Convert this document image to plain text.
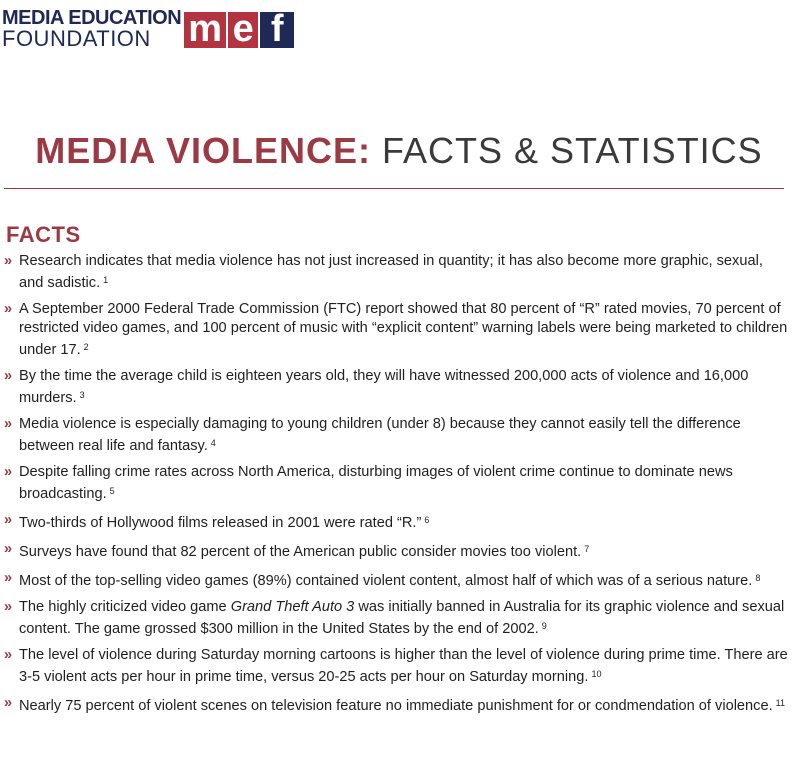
MEDIA EDUCATION
FOUNDATION m e f
MEDIA VIOLENCE: FACTS & STATISTICS
FACTS
» Research indicates that media violence has not just increased in quantity; it has also become more graphic, sexual, and sadistic. $^1$
» A September 2000 Federal Trade Commission (FTC) report showed that 80 percent of “R” rated movies, 70 percent of restricted video games, and 100 percent of music with “explicit content” warning labels were being marketed to children under 17. $^2$
» By the time the average child is eighteen years old, they will have witnessed 200,000 acts of violence and 16,000 murders. $^3$
» Media violence is especially damaging to young children (under 8) because they cannot easily tell the difference between real life and fantasy. $^4$
» Despite falling crime rates across North America, disturbing images of violent crime continue to dominate news broadcasting. $^5$
» Two-thirds of Hollywood films released in 2001 were rated “R.” $^6$
» Surveys have found that 82 percent of the American public consider movies too violent. $^7$
» Most of the top-selling video games (89%) contained violent content, almost half of which was of a serious nature. $^8$
» The highly criticized video game Grand Theft Auto 3 was initially banned in Australia for its graphic violence and sexual content. The game grossed $300 million in the United States by the end of 2002. $^9$
» The level of violence during Saturday morning cartoons is higher than the level of violence during prime time. There are 3-5 violent acts per hour in prime time, versus 20-25 acts per hour on Saturday morning. $^{10}$
» Nearly 75 percent of violent scenes on television feature no immediate punishment for or condmendation of violence. $^{11}$
